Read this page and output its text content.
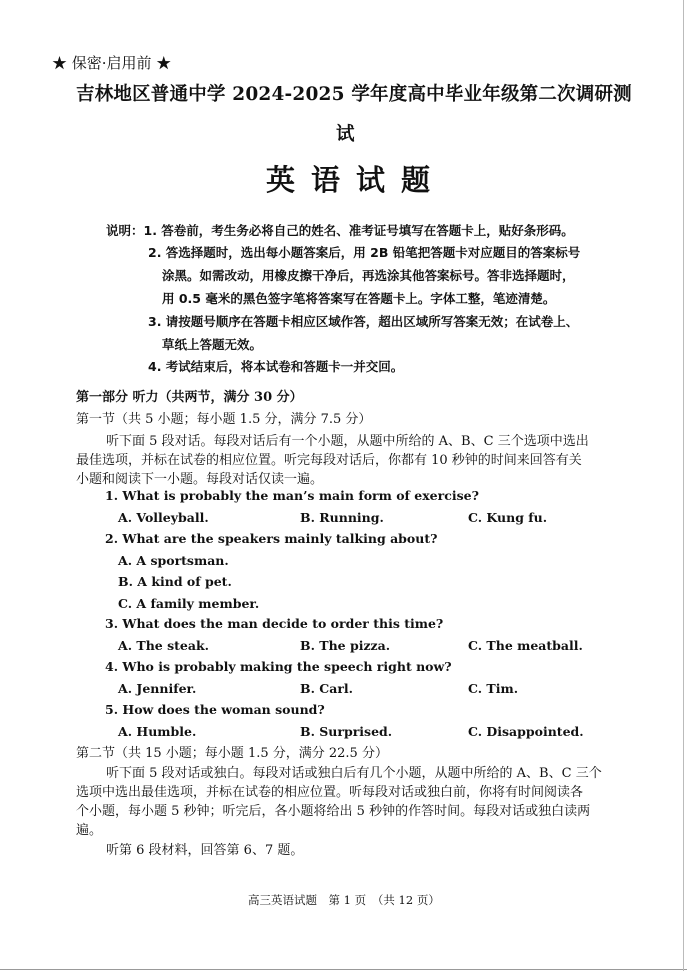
★ 保密·启用前 ★
吉林地区普通中学 2024-2025 学年度高中毕业年级第二次调研测
试
英语试题
说明：1. 答卷前，考生务必将自己的姓名、准考证号填写在答题卡上，贴好条形码。
2. 答选择题时，选出每小题答案后，用 2B 铅笔把答题卡对应题目的答案标号
涂黑。如需改动，用橡皮擦干净后，再选涂其他答案标号。答非选择题时，
用 0.5 毫米的黑色签字笔将答案写在答题卡上。字体工整，笔迹清楚。
3. 请按题号顺序在答题卡相应区域作答，超出区域所写答案无效；在试卷上、
草纸上答题无效。
4. 考试结束后，将本试卷和答题卡一并交回。
第一部分 听力（共两节，满分 30 分）
第一节（共 5 小题；每小题 1.5 分，满分 7.5 分）
听下面 5 段对话。每段对话后有一个小题，从题中所给的 A、B、C 三个选项中选出
最佳选项，并标在试卷的相应位置。听完每段对话后，你都有 10 秒钟的时间来回答有关
小题和阅读下一小题。每段对话仅读一遍。
1. What is probably the man’s main form of exercise?
A. Volleyball.	B. Running.	C. Kung fu.
2. What are the speakers mainly talking about?
A. A sportsman.
B. A kind of pet.
C. A family member.
3. What does the man decide to order this time?
A. The steak.	B. The pizza.	C. The meatball.
4. Who is probably making the speech right now?
A. Jennifer.	B. Carl.	C. Tim.
5. How does the woman sound?
A. Humble.	B. Surprised.	C. Disappointed.
第二节（共 15 小题；每小题 1.5 分，满分 22.5 分）
听下面 5 段对话或独白。每段对话或独白后有几个小题，从题中所给的 A、B、C 三个
选项中选出最佳选项，并标在试卷的相应位置。听每段对话或独白前，你将有时间阅读各
个小题，每小题 5 秒钟；听完后，各小题将给出 5 秒钟的作答时间。每段对话或独白读两
遍。
听第 6 段材料，回答第 6、7 题。
高三英语试题　第 1 页　（共 12 页）
